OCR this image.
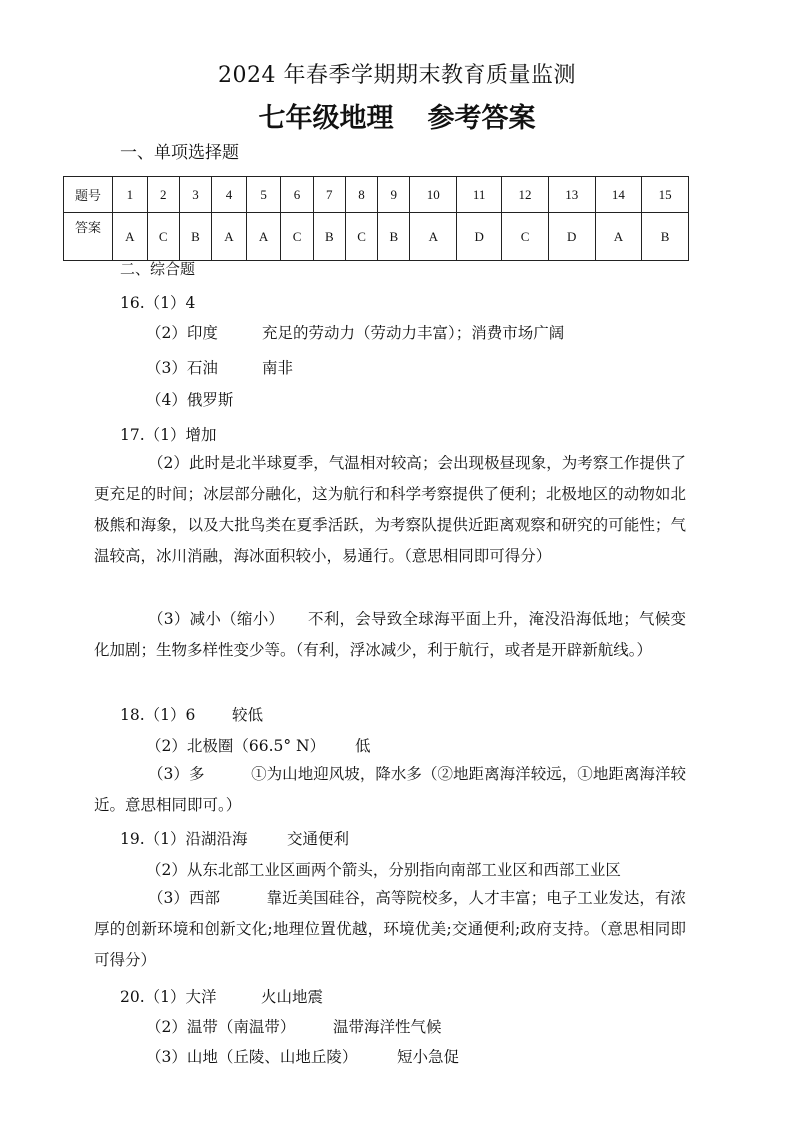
2024 年春季学期期末教育质量监测
七年级地理 参考答案
一、单项选择题
题号	1	2	3	4	5	6	7	8	9	10	11	12	13	14	15
答案	A	C	B	A	A	C	B	C	B	A	D	C	D	A	B
二、综合题
16.（1）4
（2）印度	充足的劳动力（劳动力丰富）；消费市场广阔
（3）石油	南非
（4）俄罗斯
17.（1）增加
（2）此时是北半球夏季，气温相对较高；会出现极昼现象，为考察工作提供了更充足的时间；冰层部分融化，这为航行和科学考察提供了便利；北极地区的动物如北极熊和海象，以及大批鸟类在夏季活跃，为考察队提供近距离观察和研究的可能性；气温较高，冰川消融，海冰面积较小，易通行。（意思相同即可得分）
（3）减小（缩小）　　不利，会导致全球海平面上升，淹没沿海低地；气候变化加剧；生物多样性变少等。（有利，浮冰减少，利于航行，或者是开辟新航线。）
18.（1）6 较低
（2）北极圈（66.5° N） 低
（3）多　　　①为山地迎风坡，降水多（②地距离海洋较远，①地距离海洋较近。意思相同即可。）
19.（1）沿湖沿海	交通便利
（2）从东北部工业区画两个箭头，分别指向南部工业区和西部工业区
（3）西部　　　靠近美国硅谷，高等院校多，人才丰富；电子工业发达，有浓厚的创新环境和创新文化;地理位置优越，环境优美;交通便利;政府支持。（意思相同即可得分）
20.（1）大洋	火山地震
（2）温带（南温带） 温带海洋性气候
（3）山地（丘陵、山地丘陵）	短小急促
